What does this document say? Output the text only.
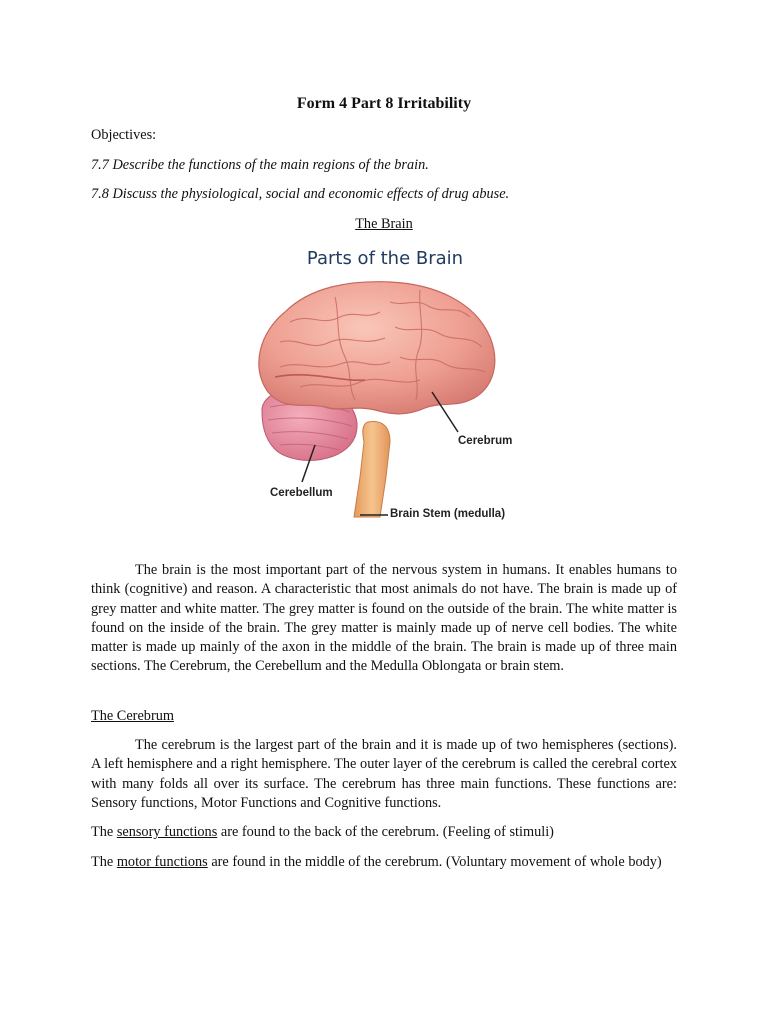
Form 4 Part 8 Irritability
Objectives:
7.7 Describe the functions of the main regions of the brain.
7.8 Discuss the physiological, social and economic effects of drug abuse.
The Brain
Parts of the Brain
Cerebrum
Cerebellum
Brain Stem (medulla)

The brain is the most important part of the nervous system in humans. It enables humans to think (cognitive) and reason. A characteristic that most animals do not have. The brain is made up of grey matter and white matter. The grey matter is found on the outside of the brain. The white matter is found on the inside of the brain. The grey matter is mainly made up of nerve cell bodies. The white matter is made up mainly of the axon in the middle of the brain. The brain is made up of three main sections. The Cerebrum, the Cerebellum and the Medulla Oblongata or brain stem.

The Cerebrum

The cerebrum is the largest part of the brain and it is made up of two hemispheres (sections). A left hemisphere and a right hemisphere. The outer layer of the cerebrum is called the cerebral cortex with many folds all over its surface. The cerebrum has three main functions. These functions are: Sensory functions, Motor Functions and Cognitive functions.

The sensory functions are found to the back of the cerebrum. (Feeling of stimuli)

The motor functions are found in the middle of the cerebrum. (Voluntary movement of whole body)
